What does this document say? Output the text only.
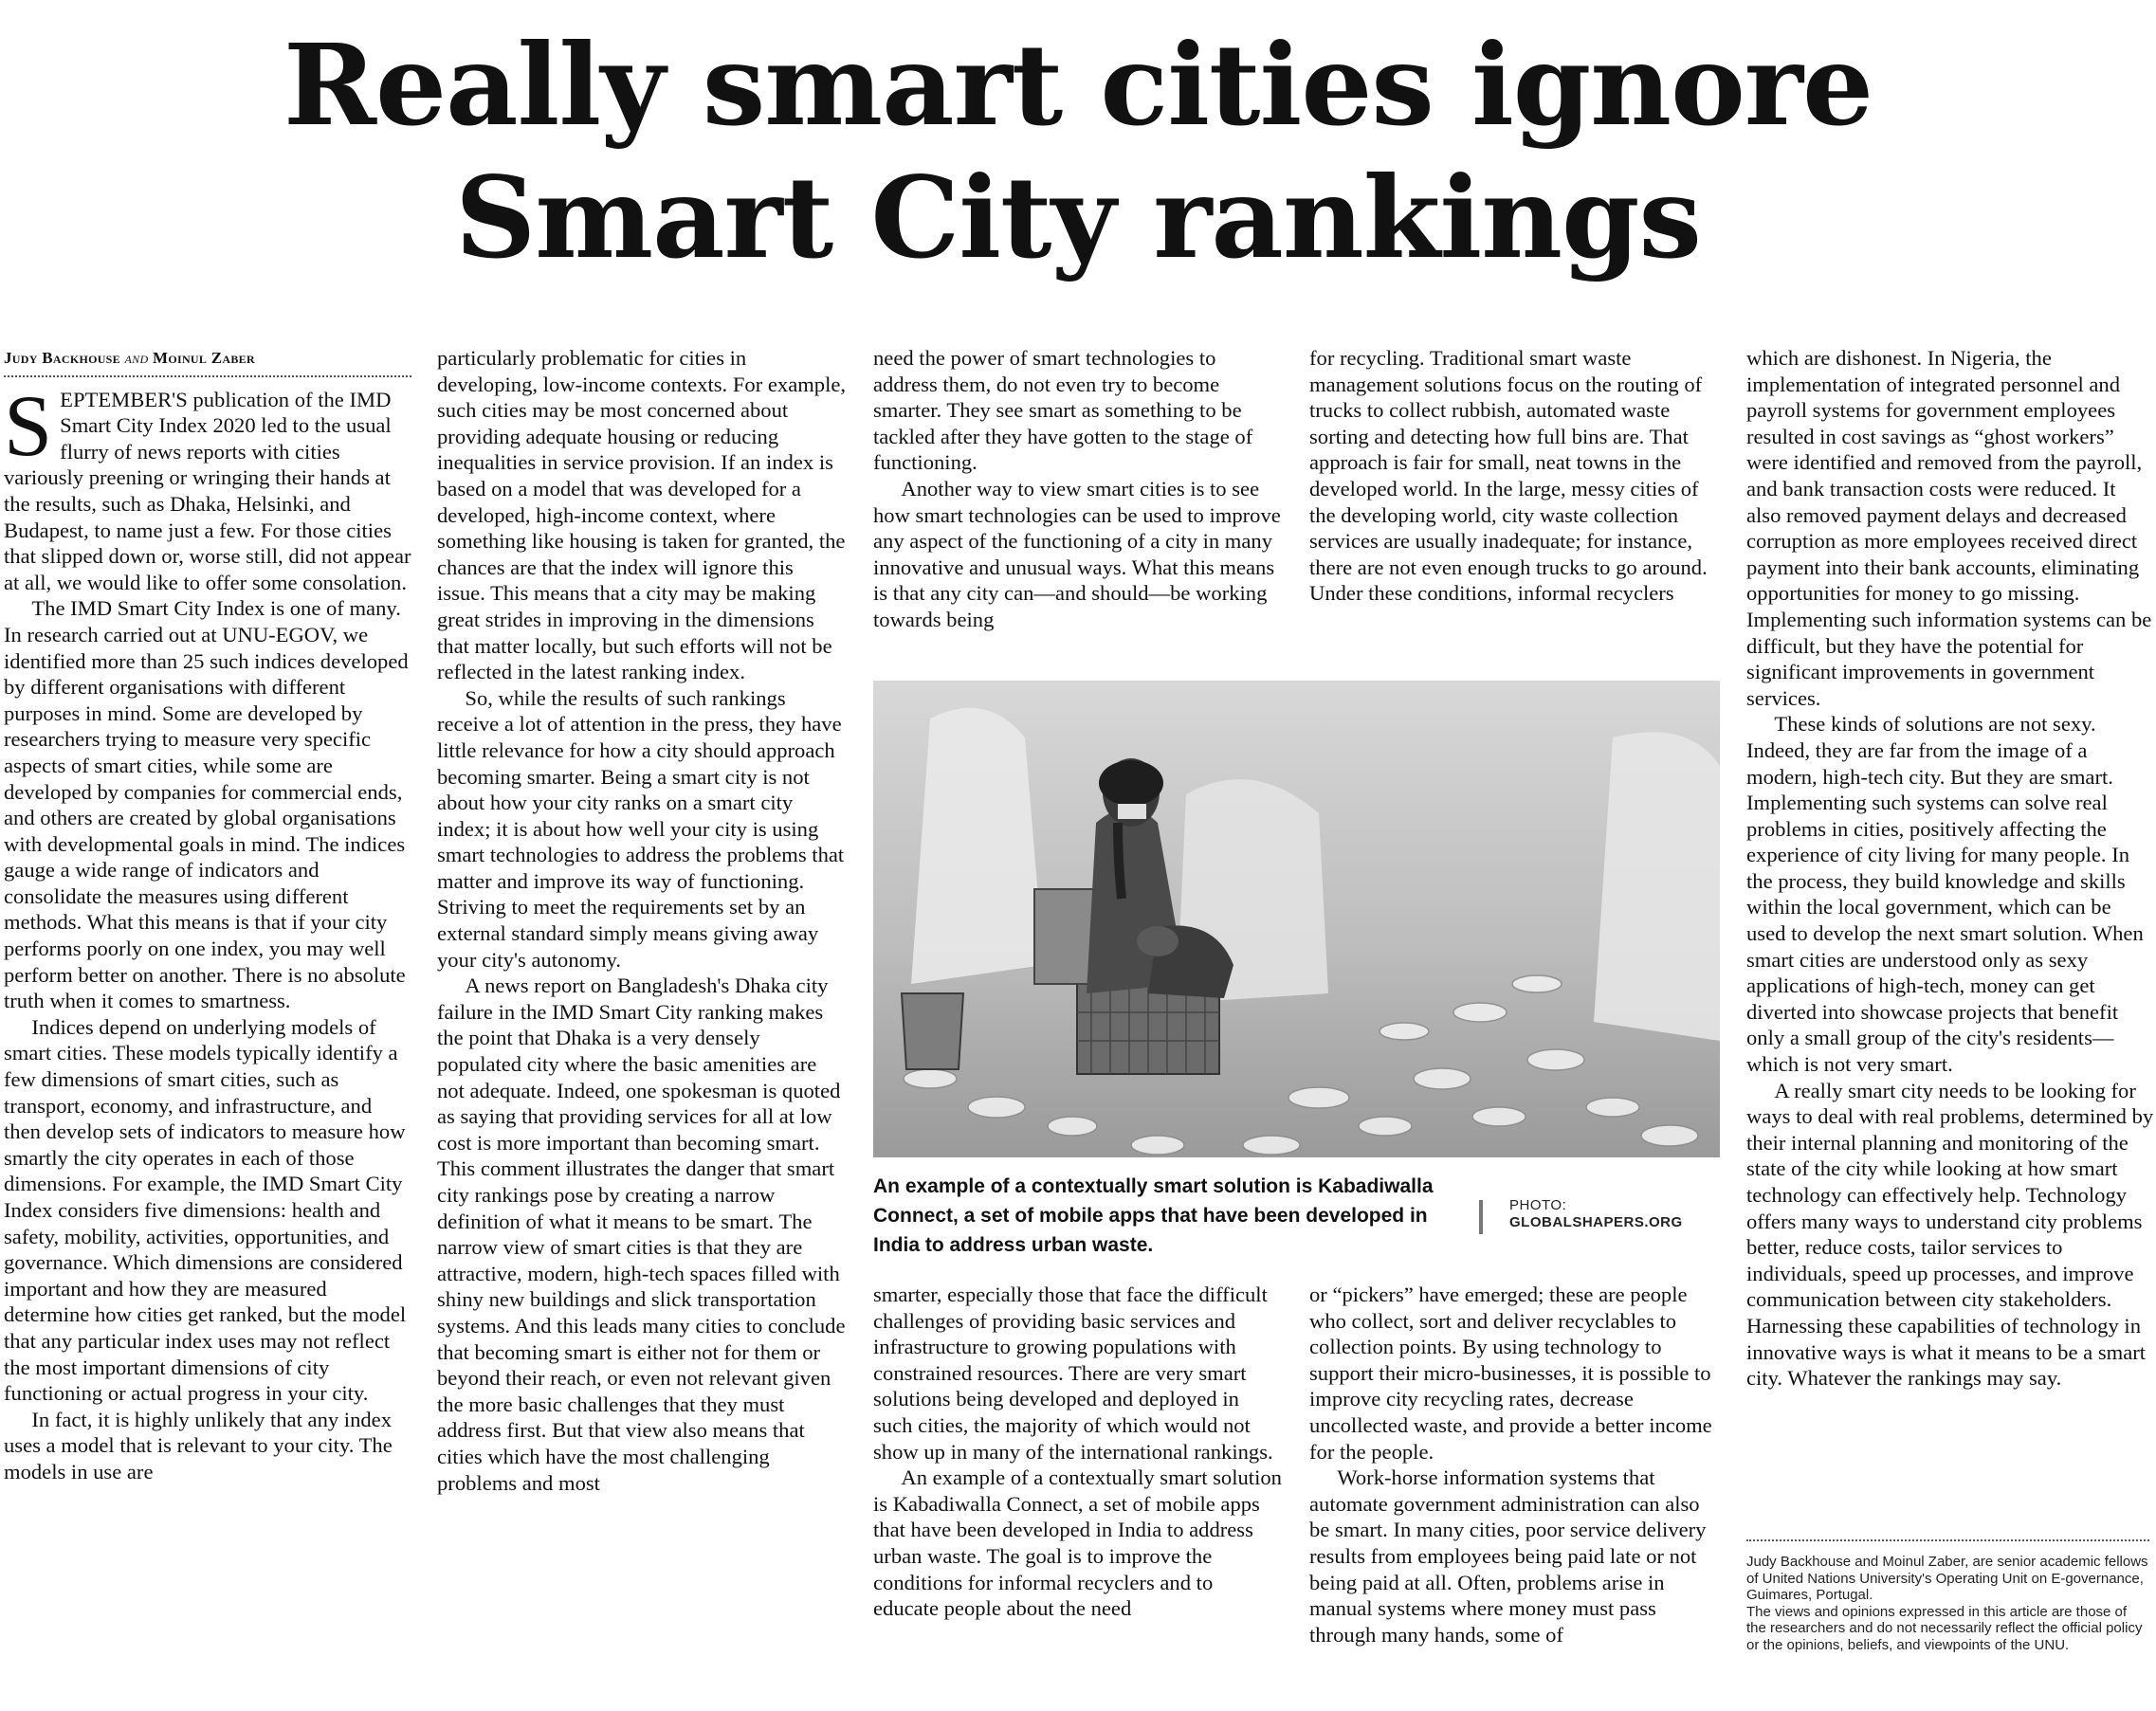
Really smart cities ignore
Smart City rankings
Judy Backhouse and Moinul Zaber

SEPTEMBER'S publication of the IMD Smart City Index 2020 led to the usual flurry of news reports with cities variously preening or wringing their hands at the results, such as Dhaka, Helsinki, and Budapest, to name just a few. For those cities that slipped down or, worse still, did not appear at all, we would like to offer some consolation.

The IMD Smart City Index is one of many. In research carried out at UNU-EGOV, we identified more than 25 such indices developed by different organisations with different purposes in mind. Some are developed by researchers trying to measure very specific aspects of smart cities, while some are developed by companies for commercial ends, and others are created by global organisations with developmental goals in mind. The indices gauge a wide range of indicators and consolidate the measures using different methods. What this means is that if your city performs poorly on one index, you may well perform better on another. There is no absolute truth when it comes to smartness.

Indices depend on underlying models of smart cities. These models typically identify a few dimensions of smart cities, such as transport, economy, and infrastructure, and then develop sets of indicators to measure how smartly the city operates in each of those dimensions. For example, the IMD Smart City Index considers five dimensions: health and safety, mobility, activities, opportunities, and governance. Which dimensions are considered important and how they are measured determine how cities get ranked, but the model that any particular index uses may not reflect the most important dimensions of city functioning or actual progress in your city.

In fact, it is highly unlikely that any index uses a model that is relevant to your city. The models in use are

particularly problematic for cities in developing, low-income contexts. For example, such cities may be most concerned about providing adequate housing or reducing inequalities in service provision. If an index is based on a model that was developed for a developed, high-income context, where something like housing is taken for granted, the chances are that the index will ignore this issue. This means that a city may be making great strides in improving in the dimensions that matter locally, but such efforts will not be reflected in the latest ranking index.

So, while the results of such rankings receive a lot of attention in the press, they have little relevance for how a city should approach becoming smarter. Being a smart city is not about how your city ranks on a smart city index; it is about how well your city is using smart technologies to address the problems that matter and improve its way of functioning. Striving to meet the requirements set by an external standard simply means giving away your city's autonomy.

A news report on Bangladesh's Dhaka city failure in the IMD Smart City ranking makes the point that Dhaka is a very densely populated city where the basic amenities are not adequate. Indeed, one spokesman is quoted as saying that providing services for all at low cost is more important than becoming smart. This comment illustrates the danger that smart city rankings pose by creating a narrow definition of what it means to be smart. The narrow view of smart cities is that they are attractive, modern, high-tech spaces filled with shiny new buildings and slick transportation systems. And this leads many cities to conclude that becoming smart is either not for them or beyond their reach, or even not relevant given the more basic challenges that they must address first. But that view also means that cities which have the most challenging problems and most

need the power of smart technologies to address them, do not even try to become smarter. They see smart as something to be tackled after they have gotten to the stage of functioning.

Another way to view smart cities is to see how smart technologies can be used to improve any aspect of the functioning of a city in many innovative and unusual ways. What this means is that any city can—and should—be working towards being

for recycling. Traditional smart waste management solutions focus on the routing of trucks to collect rubbish, automated waste sorting and detecting how full bins are. That approach is fair for small, neat towns in the developed world. In the large, messy cities of the developing world, city waste collection services are usually inadequate; for instance, there are not even enough trucks to go around. Under these conditions, informal recyclers

An example of a contextually smart solution is Kabadiwalla Connect, a set of mobile apps that have been developed in India to address urban waste.
PHOTO:
GLOBALSHAPERS.ORG

smarter, especially those that face the difficult challenges of providing basic services and infrastructure to growing populations with constrained resources. There are very smart solutions being developed and deployed in such cities, the majority of which would not show up in many of the international rankings.

An example of a contextually smart solution is Kabadiwalla Connect, a set of mobile apps that have been developed in India to address urban waste. The goal is to improve the conditions for informal recyclers and to educate people about the need

or “pickers” have emerged; these are people who collect, sort and deliver recyclables to collection points. By using technology to support their micro-businesses, it is possible to improve city recycling rates, decrease uncollected waste, and provide a better income for the people.

Work-horse information systems that automate government administration can also be smart. In many cities, poor service delivery results from employees being paid late or not being paid at all. Often, problems arise in manual systems where money must pass through many hands, some of

which are dishonest. In Nigeria, the implementation of integrated personnel and payroll systems for government employees resulted in cost savings as “ghost workers” were identified and removed from the payroll, and bank transaction costs were reduced. It also removed payment delays and decreased corruption as more employees received direct payment into their bank accounts, eliminating opportunities for money to go missing. Implementing such information systems can be difficult, but they have the potential for significant improvements in government services.

These kinds of solutions are not sexy. Indeed, they are far from the image of a modern, high-tech city. But they are smart. Implementing such systems can solve real problems in cities, positively affecting the experience of city living for many people. In the process, they build knowledge and skills within the local government, which can be used to develop the next smart solution. When smart cities are understood only as sexy applications of high-tech, money can get diverted into showcase projects that benefit only a small group of the city's residents—which is not very smart.

A really smart city needs to be looking for ways to deal with real problems, determined by their internal planning and monitoring of the state of the city while looking at how smart technology can effectively help. Technology offers many ways to understand city problems better, reduce costs, tailor services to individuals, speed up processes, and improve communication between city stakeholders. Harnessing these capabilities of technology in innovative ways is what it means to be a smart city. Whatever the rankings may say.

Judy Backhouse and Moinul Zaber, are senior academic fellows of United Nations University's Operating Unit on E-governance, Guimares, Portugal.

The views and opinions expressed in this article are those of the researchers and do not necessarily reflect the official policy or the opinions, beliefs, and viewpoints of the UNU.
